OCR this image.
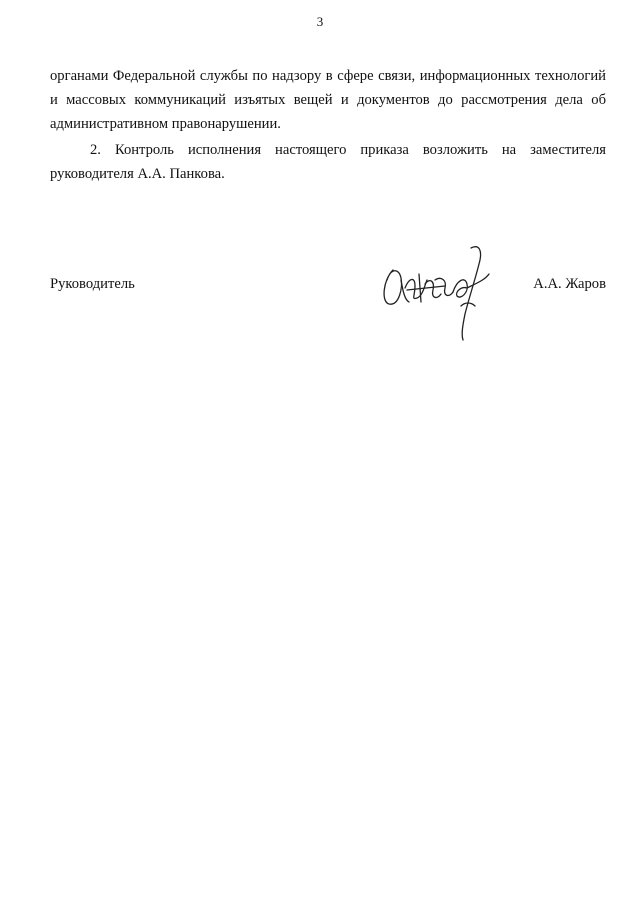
3

органами Федеральной службы по надзору в сфере связи, информационных технологий и массовых коммуникаций изъятых вещей и документов до рассмотрения дела об административном правонарушении.

2. Контроль исполнения настоящего приказа возложить на заместителя руководителя А.А. Панкова.

Руководитель	А.А. Жаров
